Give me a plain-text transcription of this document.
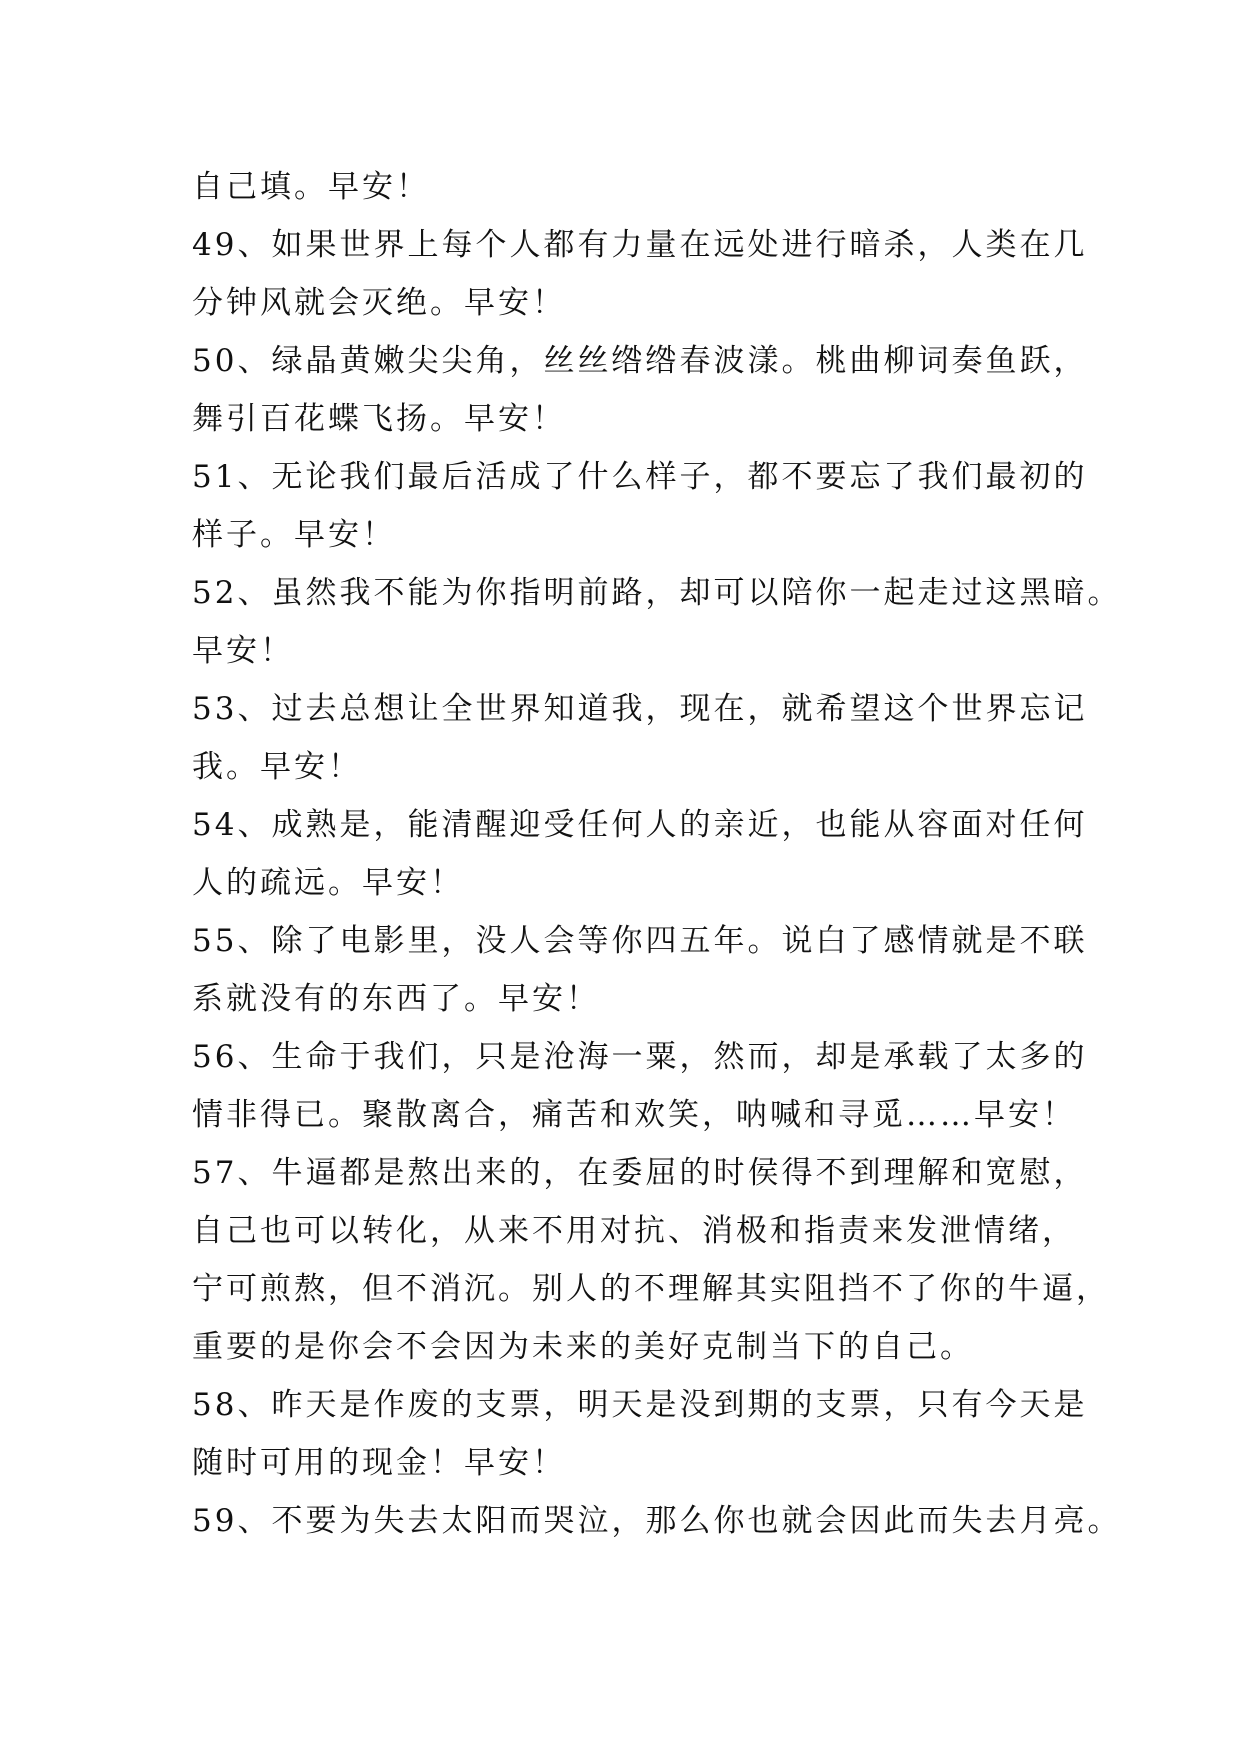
自己填。早安！
49、如果世界上每个人都有力量在远处进行暗杀，人类在几
分钟风就会灭绝。早安！
50、绿晶黄嫩尖尖角，丝丝绺绺春波漾。桃曲柳词奏鱼跃，
舞引百花蝶飞扬。早安！
51、无论我们最后活成了什么样子，都不要忘了我们最初的
样子。早安！
52、虽然我不能为你指明前路，却可以陪你一起走过这黑暗。
早安！
53、过去总想让全世界知道我，现在，就希望这个世界忘记
我。早安！
54、成熟是，能清醒迎受任何人的亲近，也能从容面对任何
人的疏远。早安！
55、除了电影里，没人会等你四五年。说白了感情就是不联
系就没有的东西了。早安！
56、生命于我们，只是沧海一粟，然而，却是承载了太多的
情非得已。聚散离合，痛苦和欢笑，呐喊和寻觅……早安！
57、牛逼都是熬出来的，在委屈的时侯得不到理解和宽慰，
自己也可以转化，从来不用对抗、消极和指责来发泄情绪，
宁可煎熬，但不消沉。别人的不理解其实阻挡不了你的牛逼，
重要的是你会不会因为未来的美好克制当下的自己。
58、昨天是作废的支票，明天是没到期的支票，只有今天是
随时可用的现金！早安！
59、不要为失去太阳而哭泣，那么你也就会因此而失去月亮。
